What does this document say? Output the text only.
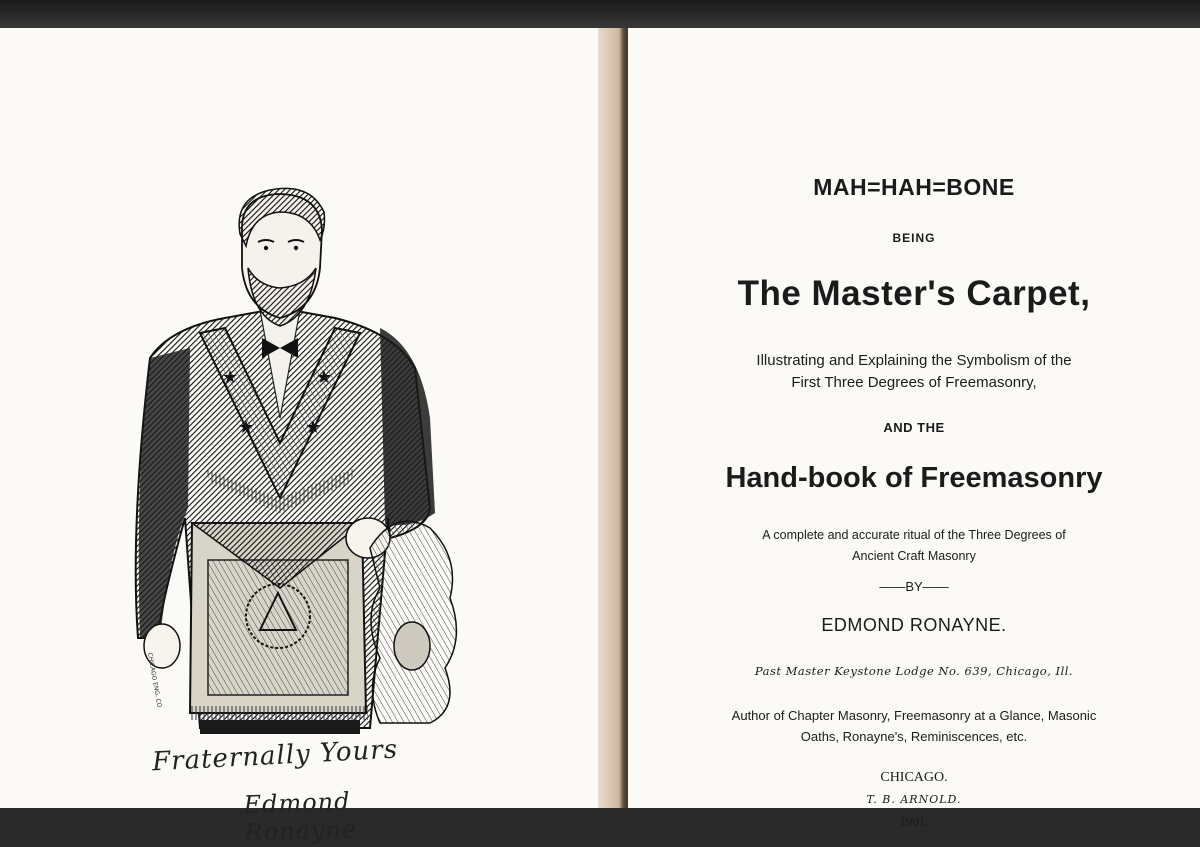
★
★
★
★
CHICAGO ENG. CO
Fraternally Yours
Edmond Ronayne
MAH=HAH=BONE
BEING
The Master's Carpet,
Illustrating and Explaining the Symbolism of the
First Three Degrees of Freemasonry,
AND THE
Hand-book of Freemasonry
A complete and accurate ritual of the Three Degrees of
Ancient Craft Masonry
——BY——
EDMOND RONAYNE.
Past Master Keystone Lodge No. 639, Chicago, Ill.
Author of Chapter Masonry, Freemasonry at a Glance, Masonic
Oaths, Ronayne's, Reminiscences, etc.
CHICAGO.
T. B. ARNOLD.
1901.
